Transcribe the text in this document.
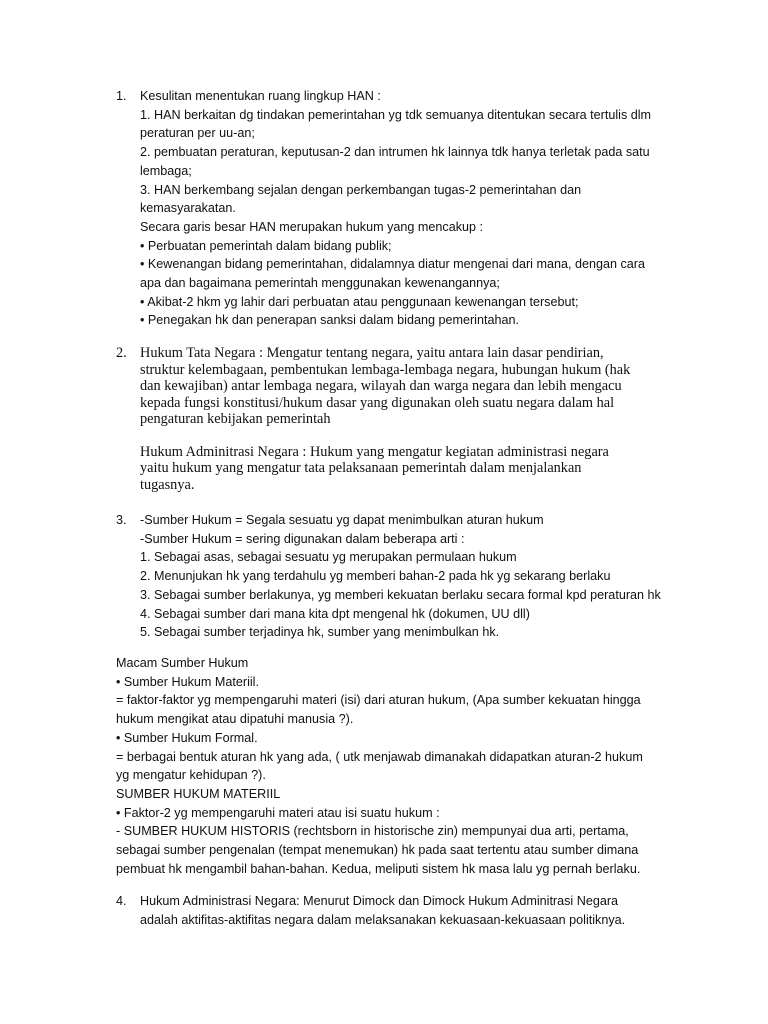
1. Kesulitan menentukan ruang lingkup HAN :

1. HAN berkaitan dg tindakan pemerintahan yg tdk semuanya ditentukan secara tertulis dlm

peraturan per uu-an;

2. pembuatan peraturan, keputusan-2 dan intrumen hk lainnya tdk hanya terletak pada satu

lembaga;

3. HAN berkembang sejalan dengan perkembangan tugas-2 pemerintahan dan

kemasyarakatan.

Secara garis besar HAN merupakan hukum yang mencakup :

• Perbuatan pemerintah dalam bidang publik;

• Kewenangan bidang pemerintahan, didalamnya diatur mengenai dari mana, dengan cara

apa dan bagaimana pemerintah menggunakan kewenangannya;

• Akibat-2 hkm yg lahir dari perbuatan atau penggunaan kewenangan tersebut;

• Penegakan hk dan penerapan sanksi dalam bidang pemerintahan.

2. Hukum Tata Negara : Mengatur tentang negara, yaitu antara lain dasar pendirian,

struktur kelembagaan, pembentukan lembaga-lembaga negara, hubungan hukum (hak

dan kewajiban) antar lembaga negara, wilayah dan warga negara dan lebih mengacu

kepada fungsi konstitusi/hukum dasar yang digunakan oleh suatu negara dalam hal

pengaturan kebijakan pemerintah

Hukum Adminitrasi Negara : Hukum yang mengatur kegiatan administrasi negara

yaitu hukum yang mengatur tata pelaksanaan pemerintah dalam menjalankan

tugasnya.

3. -Sumber Hukum = Segala sesuatu yg dapat menimbulkan aturan hukum

-Sumber Hukum = sering digunakan dalam beberapa arti :

1. Sebagai asas, sebagai sesuatu yg merupakan permulaan hukum

2. Menunjukan hk yang terdahulu yg memberi bahan-2 pada hk yg sekarang berlaku

3. Sebagai sumber berlakunya, yg memberi kekuatan berlaku secara formal kpd peraturan hk

4. Sebagai sumber dari mana kita dpt mengenal hk (dokumen, UU dll)

5. Sebagai sumber terjadinya hk, sumber yang menimbulkan hk.

Macam Sumber Hukum

• Sumber Hukum Materiil.

= faktor-faktor yg mempengaruhi materi (isi) dari aturan hukum, (Apa sumber kekuatan hingga

hukum mengikat atau dipatuhi manusia ?).

• Sumber Hukum Formal.

= berbagai bentuk aturan hk yang ada, ( utk menjawab dimanakah didapatkan aturan-2 hukum

yg mengatur kehidupan ?).

SUMBER HUKUM MATERIIL

• Faktor-2 yg mempengaruhi materi atau isi suatu hukum :

- SUMBER HUKUM HISTORIS (rechtsborn in historische zin) mempunyai dua arti, pertama,

sebagai sumber pengenalan (tempat menemukan) hk pada saat tertentu atau sumber dimana

pembuat hk mengambil bahan-bahan. Kedua, meliputi sistem hk masa lalu yg pernah berlaku.

4. Hukum Administrasi Negara: Menurut Dimock dan Dimock Hukum Adminitrasi Negara

adalah aktifitas-aktifitas negara dalam melaksanakan kekuasaan-kekuasaan politiknya.
